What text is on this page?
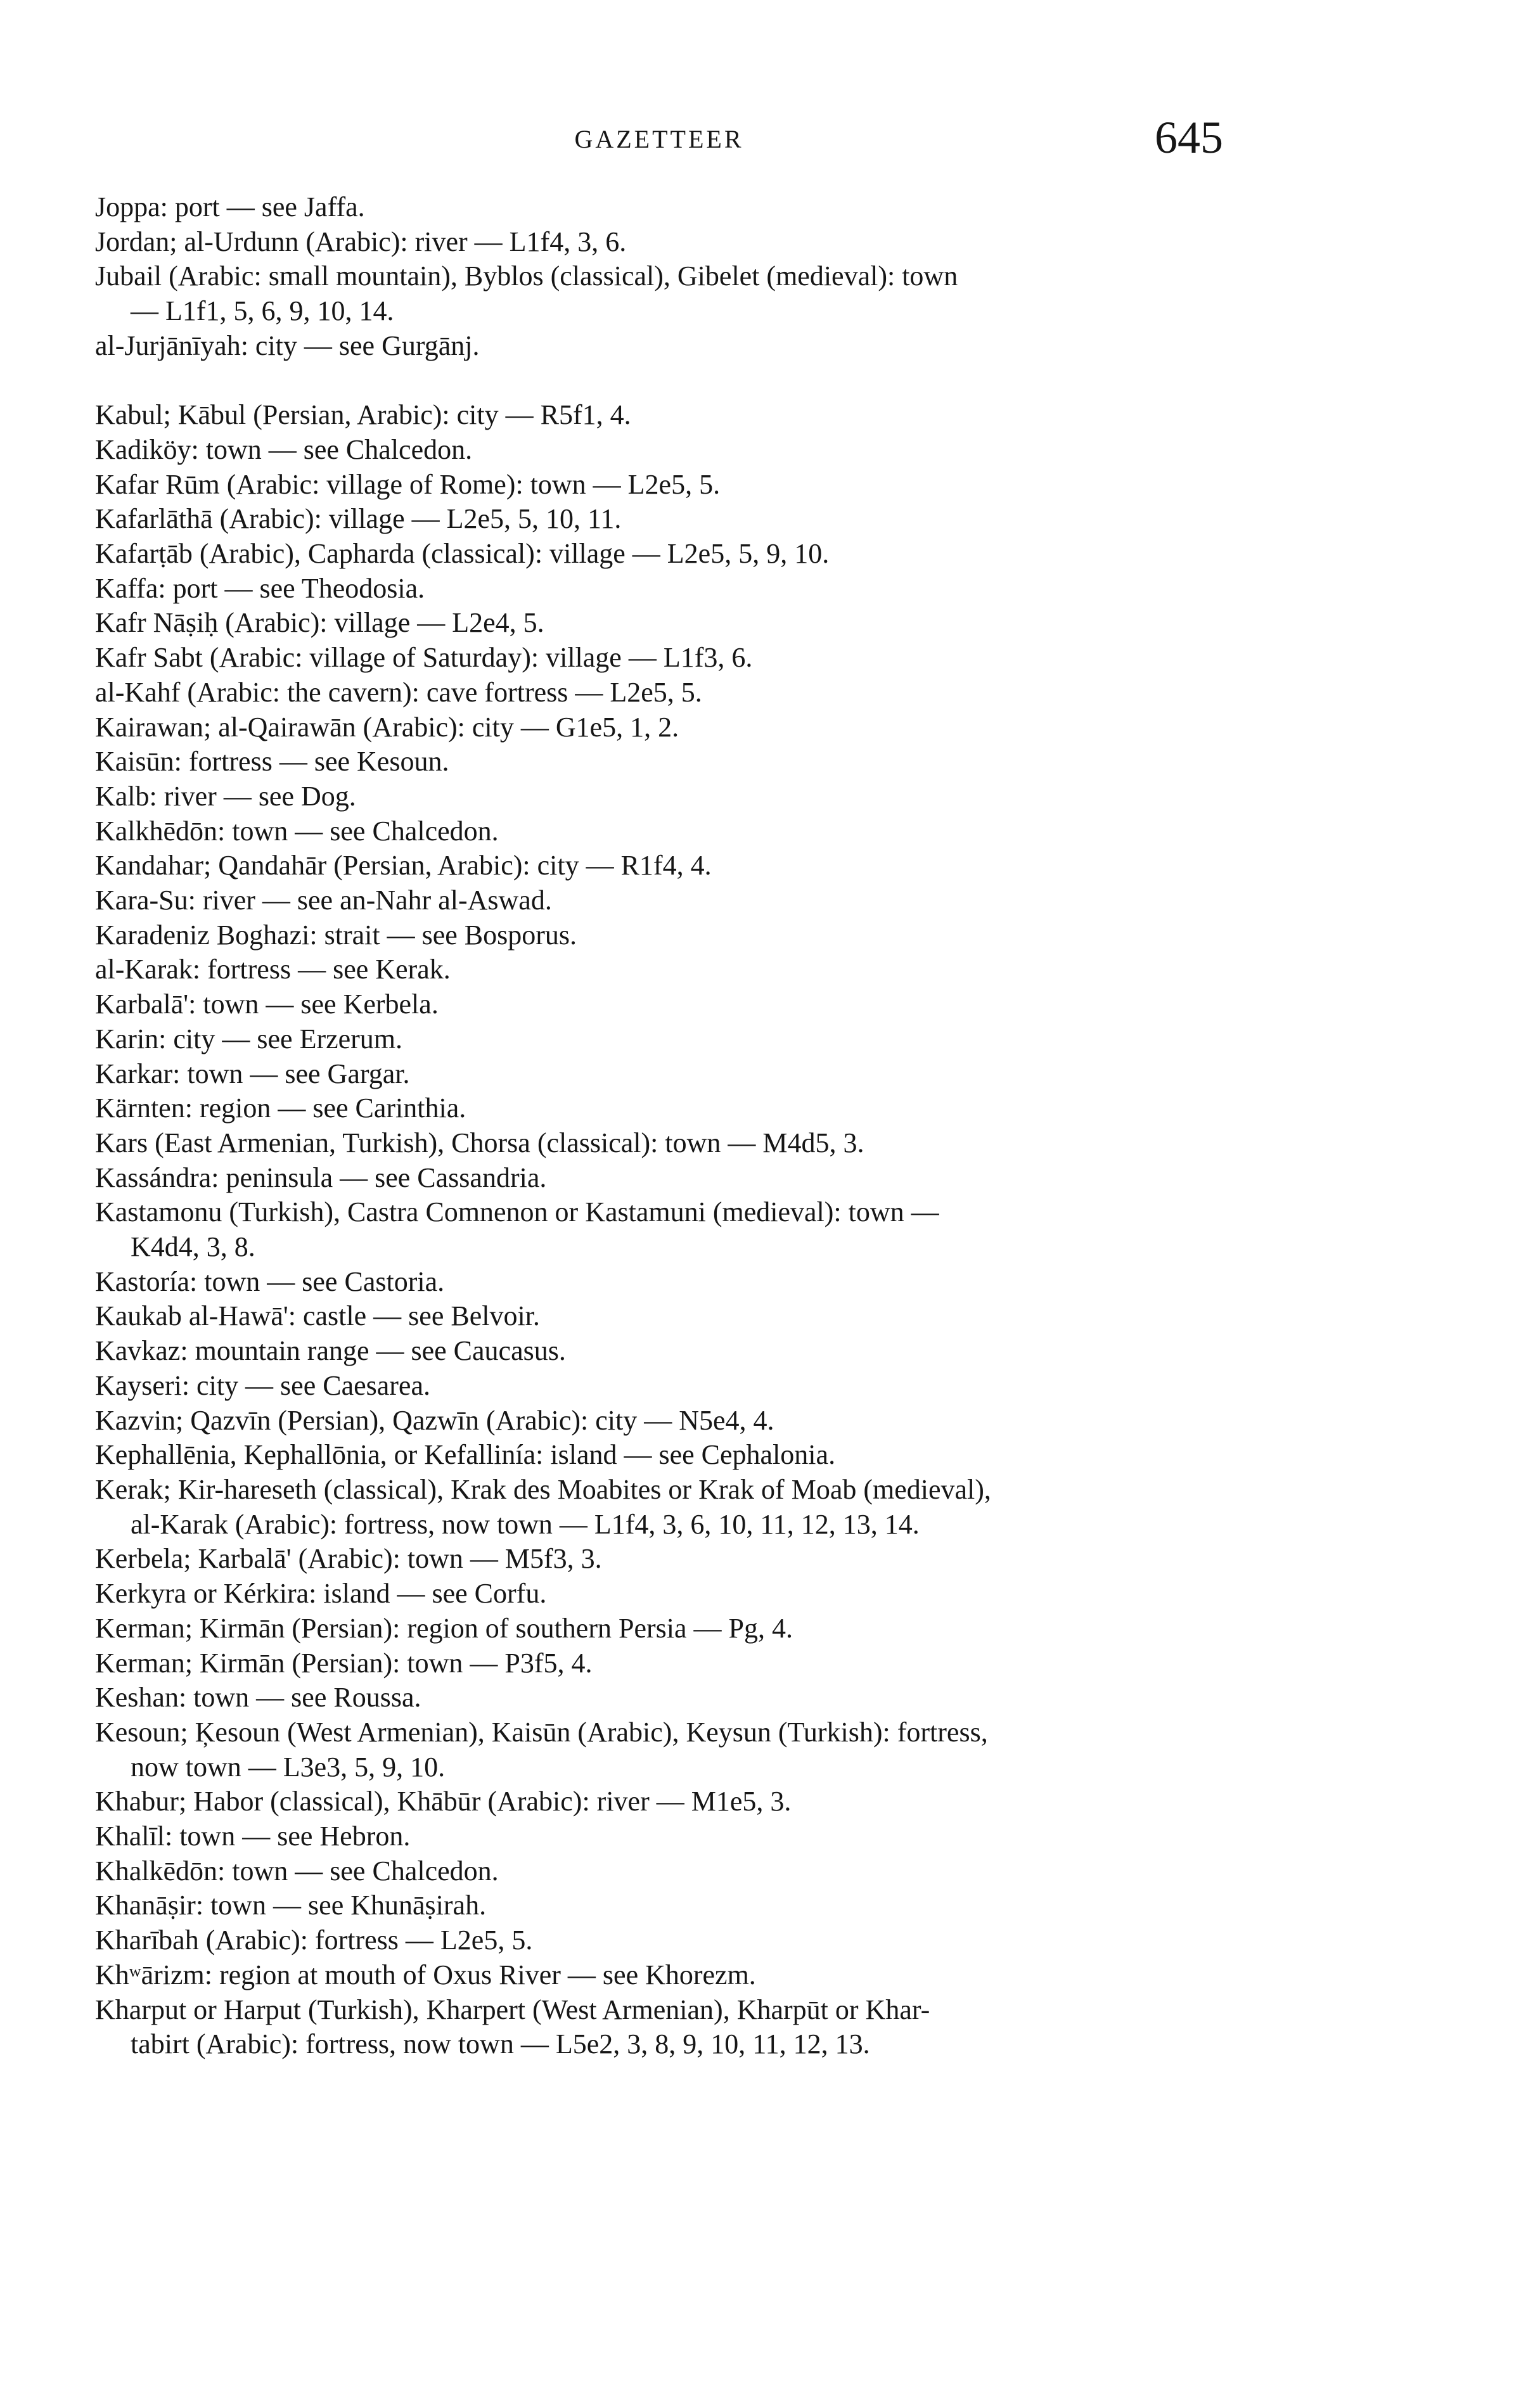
GAZETTEER	645
Joppa: port — see Jaffa.
Jordan; al-Urdunn (Arabic): river — L1f4, 3, 6.
Jubail (Arabic: small mountain), Byblos (classical), Gibelet (medieval): town
— L1f1, 5, 6, 9, 10, 14.
al-Jurjānīyah: city — see Gurgānj.
Kabul; Kābul (Persian, Arabic): city — R5f1, 4.
Kadiköy: town — see Chalcedon.
Kafar Rūm (Arabic: village of Rome): town — L2e5, 5.
Kafarlāthā (Arabic): village — L2e5, 5, 10, 11.
Kafarṭāb (Arabic), Capharda (classical): village — L2e5, 5, 9, 10.
Kaffa: port — see Theodosia.
Kafr Nāṣiḥ (Arabic): village — L2e4, 5.
Kafr Sabt (Arabic: village of Saturday): village — L1f3, 6.
al-Kahf (Arabic: the cavern): cave fortress — L2e5, 5.
Kairawan; al-Qairawān (Arabic): city — G1e5, 1, 2.
Kaisūn: fortress — see Kesoun.
Kalb: river — see Dog.
Kalkhēdōn: town — see Chalcedon.
Kandahar; Qandahār (Persian, Arabic): city — R1f4, 4.
Kara-Su: river — see an-Nahr al-Aswad.
Karadeniz Boghazi: strait — see Bosporus.
al-Karak: fortress — see Kerak.
Karbalā': town — see Kerbela.
Karin: city — see Erzerum.
Karkar: town — see Gargar.
Kärnten: region — see Carinthia.
Kars (East Armenian, Turkish), Chorsa (classical): town — M4d5, 3.
Kassándra: peninsula — see Cassandria.
Kastamonu (Turkish), Castra Comnenon or Kastamuni (medieval): town —
K4d4, 3, 8.
Kastoría: town — see Castoria.
Kaukab al-Hawā': castle — see Belvoir.
Kavkaz: mountain range — see Caucasus.
Kayseri: city — see Caesarea.
Kazvin; Qazvīn (Persian), Qazwīn (Arabic): city — N5e4, 4.
Kephallēnia, Kephallōnia, or Kefallinía: island — see Cephalonia.
Kerak; Kir-hareseth (classical), Krak des Moabites or Krak of Moab (medieval),
al-Karak (Arabic): fortress, now town — L1f4, 3, 6, 10, 11, 12, 13, 14.
Kerbela; Karbalā' (Arabic): town — M5f3, 3.
Kerkyra or Kérkira: island — see Corfu.
Kerman; Kirmān (Persian): region of southern Persia — Pg, 4.
Kerman; Kirmān (Persian): town — P3f5, 4.
Keshan: town — see Roussa.
Kesoun; Ķesoun (West Armenian), Kaisūn (Arabic), Keysun (Turkish): fortress,
now town — L3e3, 5, 9, 10.
Khabur; Habor (classical), Khābūr (Arabic): river — M1e5, 3.
Khalīl: town — see Hebron.
Khalkēdōn: town — see Chalcedon.
Khanāṣir: town — see Khunāṣirah.
Kharībah (Arabic): fortress — L2e5, 5.
Khʷārizm: region at mouth of Oxus River — see Khorezm.
Kharput or Harput (Turkish), Kharpert (West Armenian), Kharpūt or Khar-
tabirt (Arabic): fortress, now town — L5e2, 3, 8, 9, 10, 11, 12, 13.
